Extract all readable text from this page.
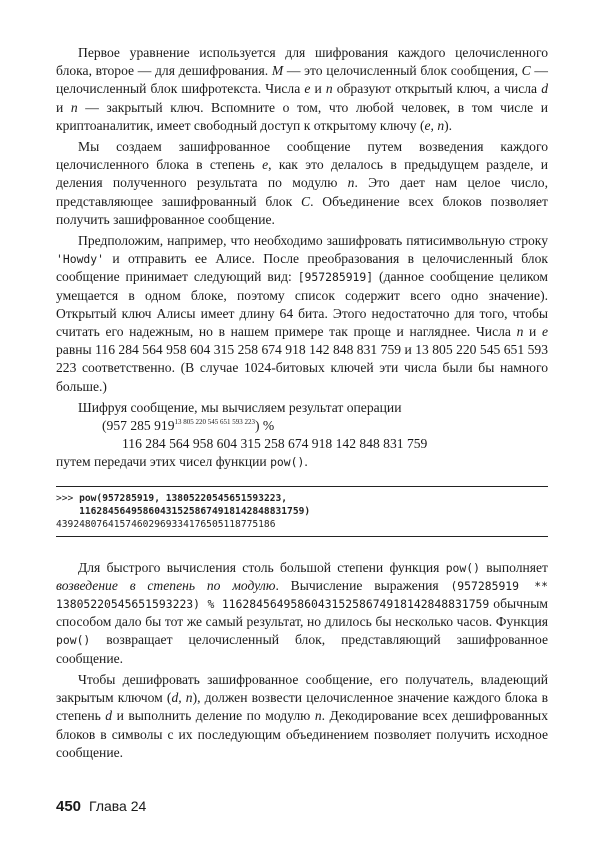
Первое уравнение используется для шифрования каждого целочисленного блока, второе — для дешифрования. M — это целочисленный блок сообщения, C — целочисленный блок шифротекста. Числа e и n образуют открытый ключ, а числа d и n — закрытый ключ. Вспомните о том, что любой человек, в том числе и криптоаналитик, имеет свободный доступ к открытому ключу (e, n).

Мы создаем зашифрованное сообщение путем возведения каждого целочисленного блока в степень e, как это делалось в предыдущем разделе, и деления полученного результата по модулю n. Это дает нам целое число, представляющее зашифрованный блок C. Объединение всех блоков позволяет получить зашифрованное сообщение.

Предположим, например, что необходимо зашифровать пятисимвольную строку 'Howdy' и отправить ее Алисе. После преобразования в целочисленный блок сообщение принимает следующий вид: [957285919] (данное сообщение целиком умещается в одном блоке, поэтому список содержит всего одно значение). Открытый ключ Алисы имеет длину 64 бита. Этого недостаточно для того, чтобы считать его надежным, но в нашем примере так проще и нагляднее. Числа n и e равны 116 284 564 958 604 315 258 674 918 142 848 831 759 и 13 805 220 545 651 593 223 соответственно. (В случае 1024-битовых ключей эти числа были бы намного больше.)

Шифруя сообщение, мы вычисляем результат операции

(957 285 $919^{13 805 220 545 651 593 223}$) %
116 284 564 958 604 315 258 674 918 142 848 831 759

путем передачи этих чисел функции pow().

>>> pow(957285919, 13805220545651593223,
116284564958604315258674918142848831759)
43924807641574602969334176505118775186

Для быстрого вычисления столь большой степени функция pow() выполняет возведение в степень по модулю. Вычисление выражения (957285919 ** 13805220545651593223) % 116284564958604315258674918142848831759 обычным способом дало бы тот же самый результат, но длилось бы несколько часов. Функция pow() возвращает целочисленный блок, представляющий зашифрованное сообщение.

Чтобы дешифровать зашифрованное сообщение, его получатель, владеющий закрытым ключом (d, n), должен возвести целочисленное значение каждого блока в степень d и выполнить деление по модулю n. Декодирование всех дешифрованных блоков в символы с их последующим объединением позволяет получить исходное сообщение.

450 Глава 24
